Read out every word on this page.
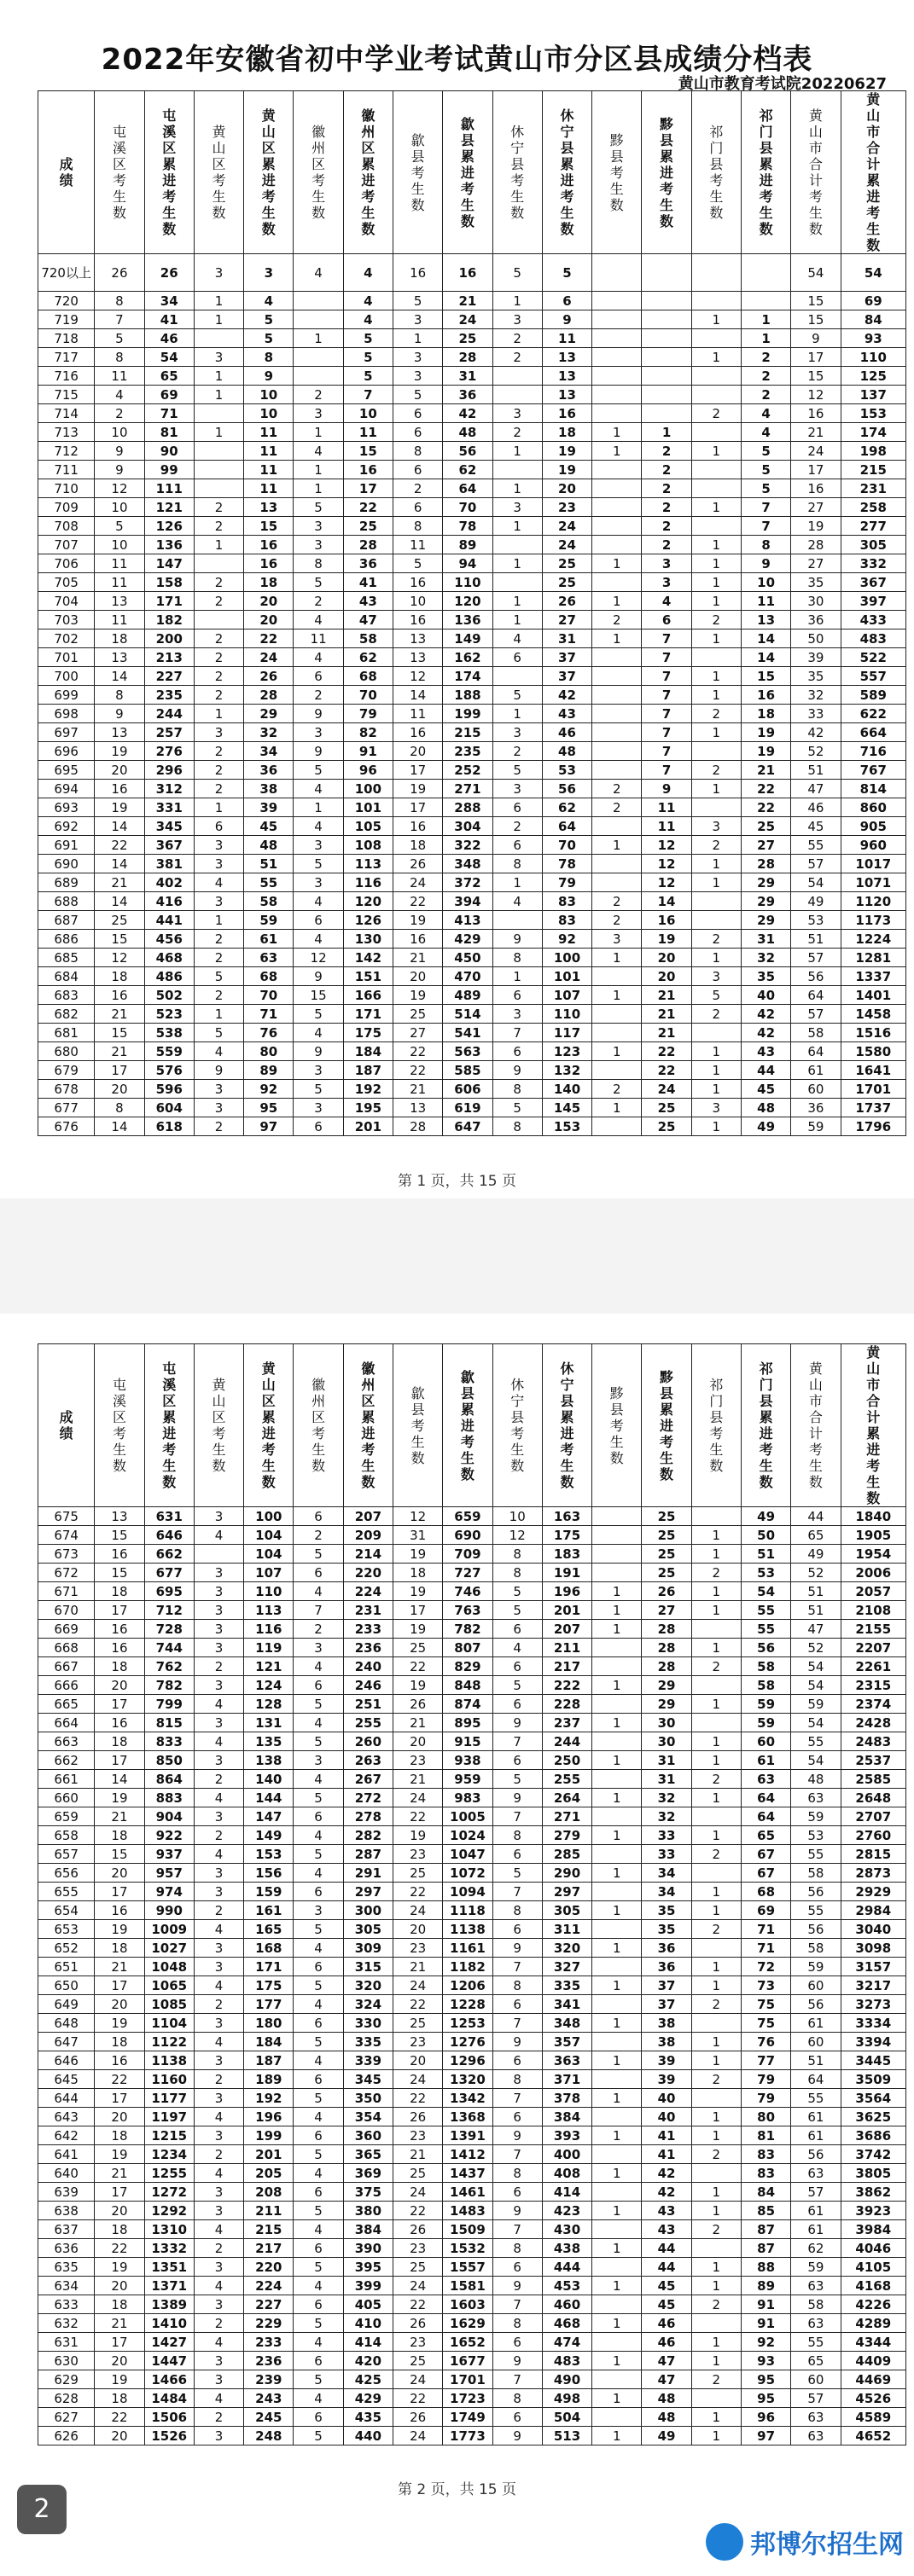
2022年安徽省初中学业考试黄山市分区县成绩分档表
黄山市教育考试院20220627
成绩	屯溪区考生数	屯溪区累进考生数	黄山区考生数	黄山区累进考生数	徽州区考生数	徽州区累进考生数	歙县考生数	歙县累进考生数	休宁县考生数	休宁县累进考生数	黟县考生数	黟县累进考生数	祁门县考生数	祁门县累进考生数	黄山市合计考生数	黄山市合计累进考生数
720以上	26	26	3	3	4	4	16	16	5	5					54	54
720	8	34	1	4		4	5	21	1	6					15	69
719	7	41	1	5		4	3	24	3	9			1	1	15	84
718	5	46		5	1	5	1	25	2	11				1	9	93
717	8	54	3	8		5	3	28	2	13			1	2	17	110
716	11	65	1	9		5	3	31		13				2	15	125
715	4	69	1	10	2	7	5	36		13				2	12	137
714	2	71		10	3	10	6	42	3	16			2	4	16	153
713	10	81	1	11	1	11	6	48	2	18	1	1		4	21	174
712	9	90		11	4	15	8	56	1	19	1	2	1	5	24	198
711	9	99		11	1	16	6	62		19		2		5	17	215
710	12	111		11	1	17	2	64	1	20		2		5	16	231
709	10	121	2	13	5	22	6	70	3	23		2	1	7	27	258
708	5	126	2	15	3	25	8	78	1	24		2		7	19	277
707	10	136	1	16	3	28	11	89		24		2	1	8	28	305
706	11	147		16	8	36	5	94	1	25	1	3	1	9	27	332
705	11	158	2	18	5	41	16	110		25		3	1	10	35	367
704	13	171	2	20	2	43	10	120	1	26	1	4	1	11	30	397
703	11	182		20	4	47	16	136	1	27	2	6	2	13	36	433
702	18	200	2	22	11	58	13	149	4	31	1	7	1	14	50	483
701	13	213	2	24	4	62	13	162	6	37		7		14	39	522
700	14	227	2	26	6	68	12	174		37		7	1	15	35	557
699	8	235	2	28	2	70	14	188	5	42		7	1	16	32	589
698	9	244	1	29	9	79	11	199	1	43		7	2	18	33	622
697	13	257	3	32	3	82	16	215	3	46		7	1	19	42	664
696	19	276	2	34	9	91	20	235	2	48		7		19	52	716
695	20	296	2	36	5	96	17	252	5	53		7	2	21	51	767
694	16	312	2	38	4	100	19	271	3	56	2	9	1	22	47	814
693	19	331	1	39	1	101	17	288	6	62	2	11		22	46	860
692	14	345	6	45	4	105	16	304	2	64		11	3	25	45	905
691	22	367	3	48	3	108	18	322	6	70	1	12	2	27	55	960
690	14	381	3	51	5	113	26	348	8	78		12	1	28	57	1017
689	21	402	4	55	3	116	24	372	1	79		12	1	29	54	1071
688	14	416	3	58	4	120	22	394	4	83	2	14		29	49	1120
687	25	441	1	59	6	126	19	413		83	2	16		29	53	1173
686	15	456	2	61	4	130	16	429	9	92	3	19	2	31	51	1224
685	12	468	2	63	12	142	21	450	8	100	1	20	1	32	57	1281
684	18	486	5	68	9	151	20	470	1	101		20	3	35	56	1337
683	16	502	2	70	15	166	19	489	6	107	1	21	5	40	64	1401
682	21	523	1	71	5	171	25	514	3	110		21	2	42	57	1458
681	15	538	5	76	4	175	27	541	7	117		21		42	58	1516
680	21	559	4	80	9	184	22	563	6	123	1	22	1	43	64	1580
679	17	576	9	89	3	187	22	585	9	132		22	1	44	61	1641
678	20	596	3	92	5	192	21	606	8	140	2	24	1	45	60	1701
677	8	604	3	95	3	195	13	619	5	145	1	25	3	48	36	1737
676	14	618	2	97	6	201	28	647	8	153		25	1	49	59	1796
第 1 页，共 15 页
成绩	屯溪区考生数	屯溪区累进考生数	黄山区考生数	黄山区累进考生数	徽州区考生数	徽州区累进考生数	歙县考生数	歙县累进考生数	休宁县考生数	休宁县累进考生数	黟县考生数	黟县累进考生数	祁门县考生数	祁门县累进考生数	黄山市合计考生数	黄山市合计累进考生数
675	13	631	3	100	6	207	12	659	10	163		25		49	44	1840
674	15	646	4	104	2	209	31	690	12	175		25	1	50	65	1905
673	16	662		104	5	214	19	709	8	183		25	1	51	49	1954
672	15	677	3	107	6	220	18	727	8	191		25	2	53	52	2006
671	18	695	3	110	4	224	19	746	5	196	1	26	1	54	51	2057
670	17	712	3	113	7	231	17	763	5	201	1	27	1	55	51	2108
669	16	728	3	116	2	233	19	782	6	207	1	28		55	47	2155
668	16	744	3	119	3	236	25	807	4	211		28	1	56	52	2207
667	18	762	2	121	4	240	22	829	6	217		28	2	58	54	2261
666	20	782	3	124	6	246	19	848	5	222	1	29		58	54	2315
665	17	799	4	128	5	251	26	874	6	228		29	1	59	59	2374
664	16	815	3	131	4	255	21	895	9	237	1	30		59	54	2428
663	18	833	4	135	5	260	20	915	7	244		30	1	60	55	2483
662	17	850	3	138	3	263	23	938	6	250	1	31	1	61	54	2537
661	14	864	2	140	4	267	21	959	5	255		31	2	63	48	2585
660	19	883	4	144	5	272	24	983	9	264	1	32	1	64	63	2648
659	21	904	3	147	6	278	22	1005	7	271		32		64	59	2707
658	18	922	2	149	4	282	19	1024	8	279	1	33	1	65	53	2760
657	15	937	4	153	5	287	23	1047	6	285		33	2	67	55	2815
656	20	957	3	156	4	291	25	1072	5	290	1	34		67	58	2873
655	17	974	3	159	6	297	22	1094	7	297		34	1	68	56	2929
654	16	990	2	161	3	300	24	1118	8	305	1	35	1	69	55	2984
653	19	1009	4	165	5	305	20	1138	6	311		35	2	71	56	3040
652	18	1027	3	168	4	309	23	1161	9	320	1	36		71	58	3098
651	21	1048	3	171	6	315	21	1182	7	327		36	1	72	59	3157
650	17	1065	4	175	5	320	24	1206	8	335	1	37	1	73	60	3217
649	20	1085	2	177	4	324	22	1228	6	341		37	2	75	56	3273
648	19	1104	3	180	6	330	25	1253	7	348	1	38		75	61	3334
647	18	1122	4	184	5	335	23	1276	9	357		38	1	76	60	3394
646	16	1138	3	187	4	339	20	1296	6	363	1	39	1	77	51	3445
645	22	1160	2	189	6	345	24	1320	8	371		39	2	79	64	3509
644	17	1177	3	192	5	350	22	1342	7	378	1	40		79	55	3564
643	20	1197	4	196	4	354	26	1368	6	384		40	1	80	61	3625
642	18	1215	3	199	6	360	23	1391	9	393	1	41	1	81	61	3686
641	19	1234	2	201	5	365	21	1412	7	400		41	2	83	56	3742
640	21	1255	4	205	4	369	25	1437	8	408	1	42		83	63	3805
639	17	1272	3	208	6	375	24	1461	6	414		42	1	84	57	3862
638	20	1292	3	211	5	380	22	1483	9	423	1	43	1	85	61	3923
637	18	1310	4	215	4	384	26	1509	7	430		43	2	87	61	3984
636	22	1332	2	217	6	390	23	1532	8	438	1	44		87	62	4046
635	19	1351	3	220	5	395	25	1557	6	444		44	1	88	59	4105
634	20	1371	4	224	4	399	24	1581	9	453	1	45	1	89	63	4168
633	18	1389	3	227	6	405	22	1603	7	460		45	2	91	58	4226
632	21	1410	2	229	5	410	26	1629	8	468	1	46		91	63	4289
631	17	1427	4	233	4	414	23	1652	6	474		46	1	92	55	4344
630	20	1447	3	236	6	420	25	1677	9	483	1	47	1	93	65	4409
629	19	1466	3	239	5	425	24	1701	7	490		47	2	95	60	4469
628	18	1484	4	243	4	429	22	1723	8	498	1	48		95	57	4526
627	22	1506	2	245	6	435	26	1749	6	504		48	1	96	63	4589
626	20	1526	3	248	5	440	24	1773	9	513	1	49	1	97	63	4652
第 2 页，共 15 页
2
邦博尔招生网
